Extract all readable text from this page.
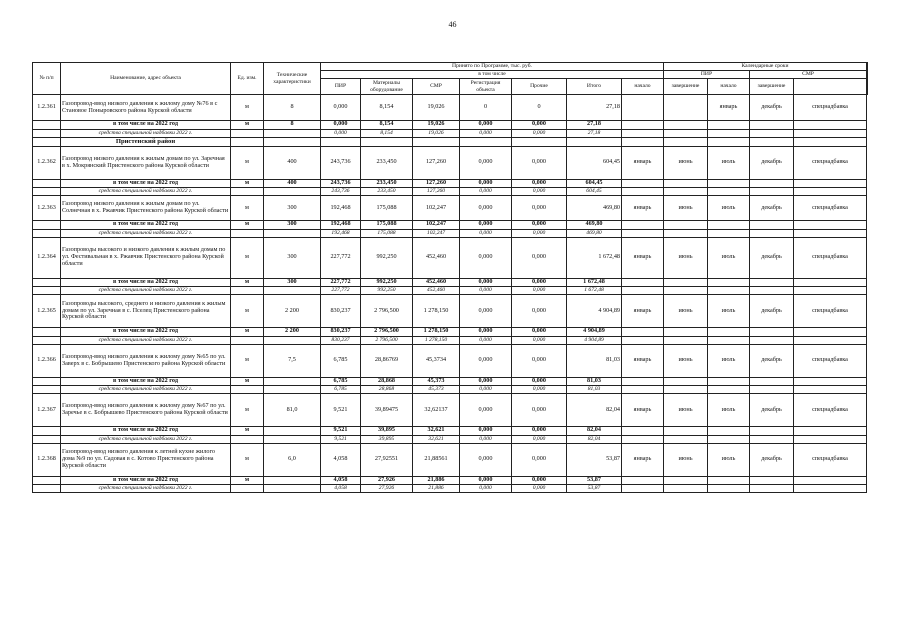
46
№ п/п	Наименование, адрес объекта	Ед. изм.	Технические характеристики	Принято по Программе, тыс. руб.							Календарные сроки	
				в том числе							ПИР		СМР		
				ПИР	Материалы оборудование	СМР	Регистрация объекта	Прочие	Итого	начало	завершение	начало	завершение		
1.2.361	Газопровод-ввод низкого давления к жилому дому №76 в с Становое Поныровского района Курской области	м	8	0,000	8,154	19,026	0	0	27,18			январь	декабрь	спецнадбавка	
	в том числе на 2022 год	м	8	0,000	8,154	19,026	0,000	0,000	27,18						
	средства специальной надбавки 2022 г.			0,000	8,154	19,026	0,000	0,000	27,18						
	Пристенский район														
1.2.362	Газопровод низкого давления к жилым домам по ул. Заречная в х. Мокрянский Пристенского района Курской области	м	400	243,736	233,450	127,260	0,000	0,000	604,45	январь	июнь	июль	декабрь	спецнадбавка	
	в том числе на 2022 год	м	400	243,736	233,450	127,260	0,000	0,000	604,45						
	средства специальной надбавки 2022 г.			243,736	233,450	127,260	0,000	0,000	604,45						
1.2.363	Газопровод низкого давления к жилым домам по ул. Солнечная в х. Ржавчик Пристенского района Курской области	м	300	192,468	175,088	102,247	0,000	0,000	469,80	январь	июнь	июль	декабрь	спецнадбавка	
	в том числе на 2022 год	м	300	192,468	175,088	102,247	0,000	0,000	469,80						
	средства специальной надбавки 2022 г.			192,468	175,088	102,247	0,000	0,000	469,80						
1.2.364	Газопроводы высокого и низкого давления к жилым домам по ул. Фестивальная в х. Ржавчик Пристенского района Курской области	м	300	227,772	992,250	452,460	0,000	0,000	1 672,48	январь	июнь	июль	декабрь	спецнадбавка	
	в том числе на 2022 год	м	300	227,772	992,250	452,460	0,000	0,000	1 672,48						
	средства специальной надбавки 2022 г.			227,772	992,250	452,460	0,000	0,000	1 672,48						
1.2.365	Газопроводы высокого, среднего и низкого давления к жилым домам по ул. Заречная в с. Пселец Пристенского района Курской области	м	2 200	830,237	2 796,500	1 278,150	0,000	0,000	4 904,89	январь	июнь	июль	декабрь	спецнадбавка	
	в том числе на 2022 год	м	2 200	830,237	2 796,500	1 278,150	0,000	0,000	4 904,89						
	средства специальной надбавки 2022 г.			830,237	2 796,500	1 278,150	0,000	0,000	4 904,89						
1.2.366	Газопровод-ввод низкого давления к жилому дому №65 по ул. Заверх в с. Бобрышево Пристенского района Курской области	м	7,5	6,785	28,86769	45,3734	0,000	0,000	81,03	январь	июнь	июль	декабрь	спецнадбавка	
	в том числе на 2022 год	м		6,785	28,868	45,373	0,000	0,000	81,03						
	средства специальной надбавки 2022 г.			6,785	28,868	45,373	0,000	0,000	81,03						
1.2.367	Газопровод-ввод низкого давления к жилому дому №67 по ул. Заречье в с. Бобрышево Пристенского района Курской области	м	81,0	9,521	39,89475	32,62137	0,000	0,000	82,04	январь	июнь	июль	декабрь	спецнадбавка	
	в том числе на 2022 год	м		9,521	39,895	32,621	0,000	0,000	82,04						
	средства специальной надбавки 2022 г.			9,521	39,895	32,621	0,000	0,000	82,04						
1.2.368	Газопровод-ввод низкого давления к летней кухне жилого дома №9 по ул. Садовая в с. Котово Пристенского района Курской области	м	6,0	4,058	27,92551	21,88561	0,000	0,000	53,87	январь	июнь	июль	декабрь	спецнадбавка	
	в том числе на 2022 год	м		4,058	27,926	21,886	0,000	0,000	53,87						
	средства специальной надбавки 2022 г.			4,058	27,926	21,886	0,000	0,000	53,87						
